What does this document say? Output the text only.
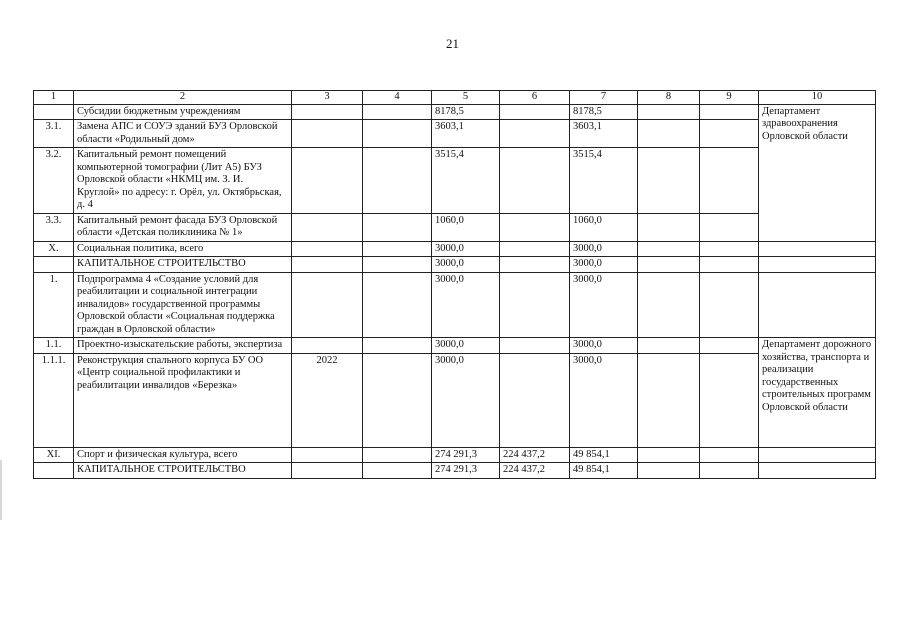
21
1	2	3	4	5	6	7	8	9	10
	Субсидии бюджетным учреждениям			8178,5		8178,5			Департамент здравоохранения Орловской области
3.1.	Замена АПС и СОУЭ зданий БУЗ Орловской области «Родильный дом»			3603,1		3603,1			
3.2.	Капитальный ремонт помещений компьютерной томографии (Лит А5) БУЗ Орловской области «НКМЦ им. З. И. Круглой» по адресу: г. Орёл, ул. Октябрьская, д. 4			3515,4		3515,4			
3.3.	Капитальный ремонт фасада БУЗ Орловской области «Детская поликлиника № 1»			1060,0		1060,0			
X.	Социальная политика, всего			3000,0		3000,0			
	КАПИТАЛЬНОЕ СТРОИТЕЛЬСТВО			3000,0		3000,0			
1.	Подпрограмма 4 «Создание условий для реабилитации и социальной интеграции инвалидов» государственной программы Орловской области «Социальная поддержка граждан в Орловской области»			3000,0		3000,0			
1.1.	Проектно-изыскательские работы, экспертиза			3000,0		3000,0			Департамент дорожного хозяйства, транспорта и реализации государственных строительных программ Орловской области
1.1.1.	Реконструкция спального корпуса БУ ОО «Центр социальной профилактики и реабилитации инвалидов «Березка»	2022		3000,0		3000,0			
XI.	Спорт и физическая культура, всего			274 291,3	224 437,2	49 854,1			
	КАПИТАЛЬНОЕ СТРОИТЕЛЬСТВО			274 291,3	224 437,2	49 854,1			
